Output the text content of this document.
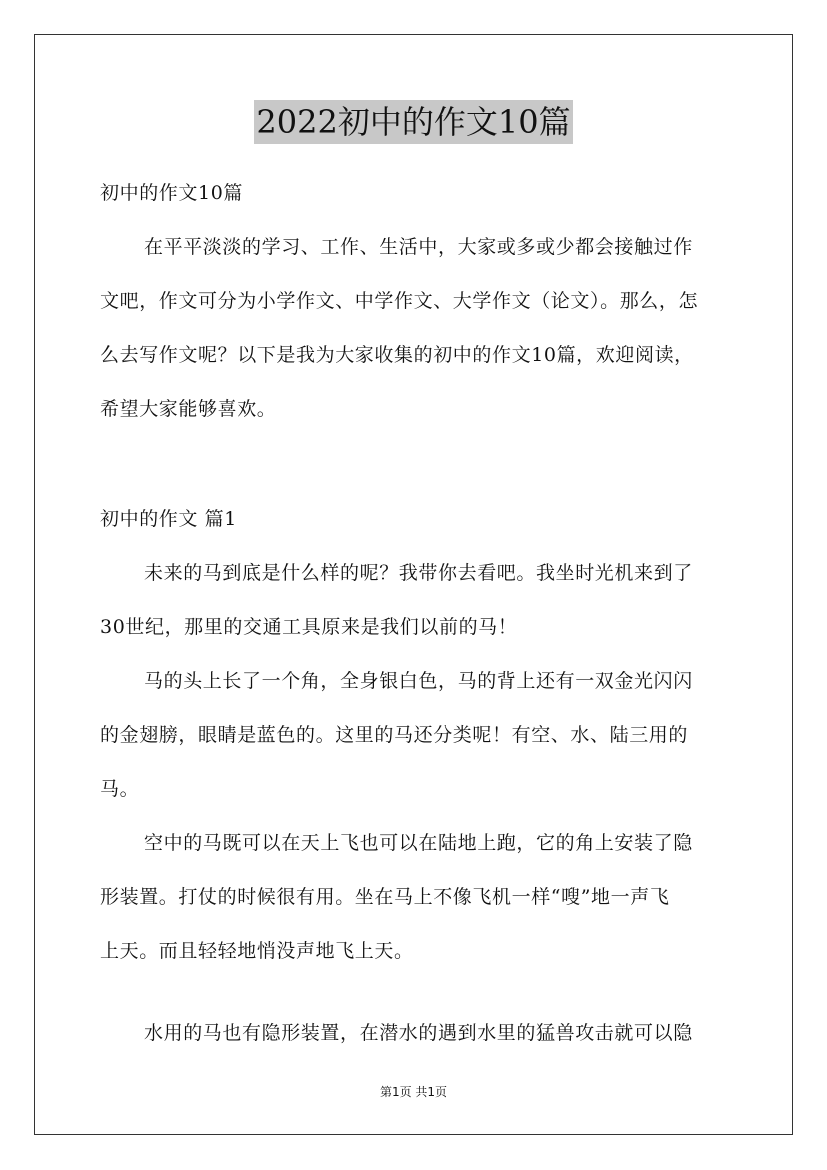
2022初中的作文10篇
初中的作文10篇
在平平淡淡的学习、工作、生活中，大家或多或少都会接触过作
文吧，作文可分为小学作文、中学作文、大学作文（论文）。那么，怎
么去写作文呢？以下是我为大家收集的初中的作文10篇，欢迎阅读，
希望大家能够喜欢。
初中的作文 篇1
未来的马到底是什么样的呢？我带你去看吧。我坐时光机来到了
30世纪，那里的交通工具原来是我们以前的马！
马的头上长了一个角，全身银白色，马的背上还有一双金光闪闪
的金翅膀，眼睛是蓝色的。这里的马还分类呢！有空、水、陆三用的
马。
空中的马既可以在天上飞也可以在陆地上跑，它的角上安装了隐
形装置。打仗的时候很有用。坐在马上不像飞机一样“嗖”地一声飞
上天。而且轻轻地悄没声地飞上天。
水用的马也有隐形装置，在潜水的遇到水里的猛兽攻击就可以隐
第1页 共1页
